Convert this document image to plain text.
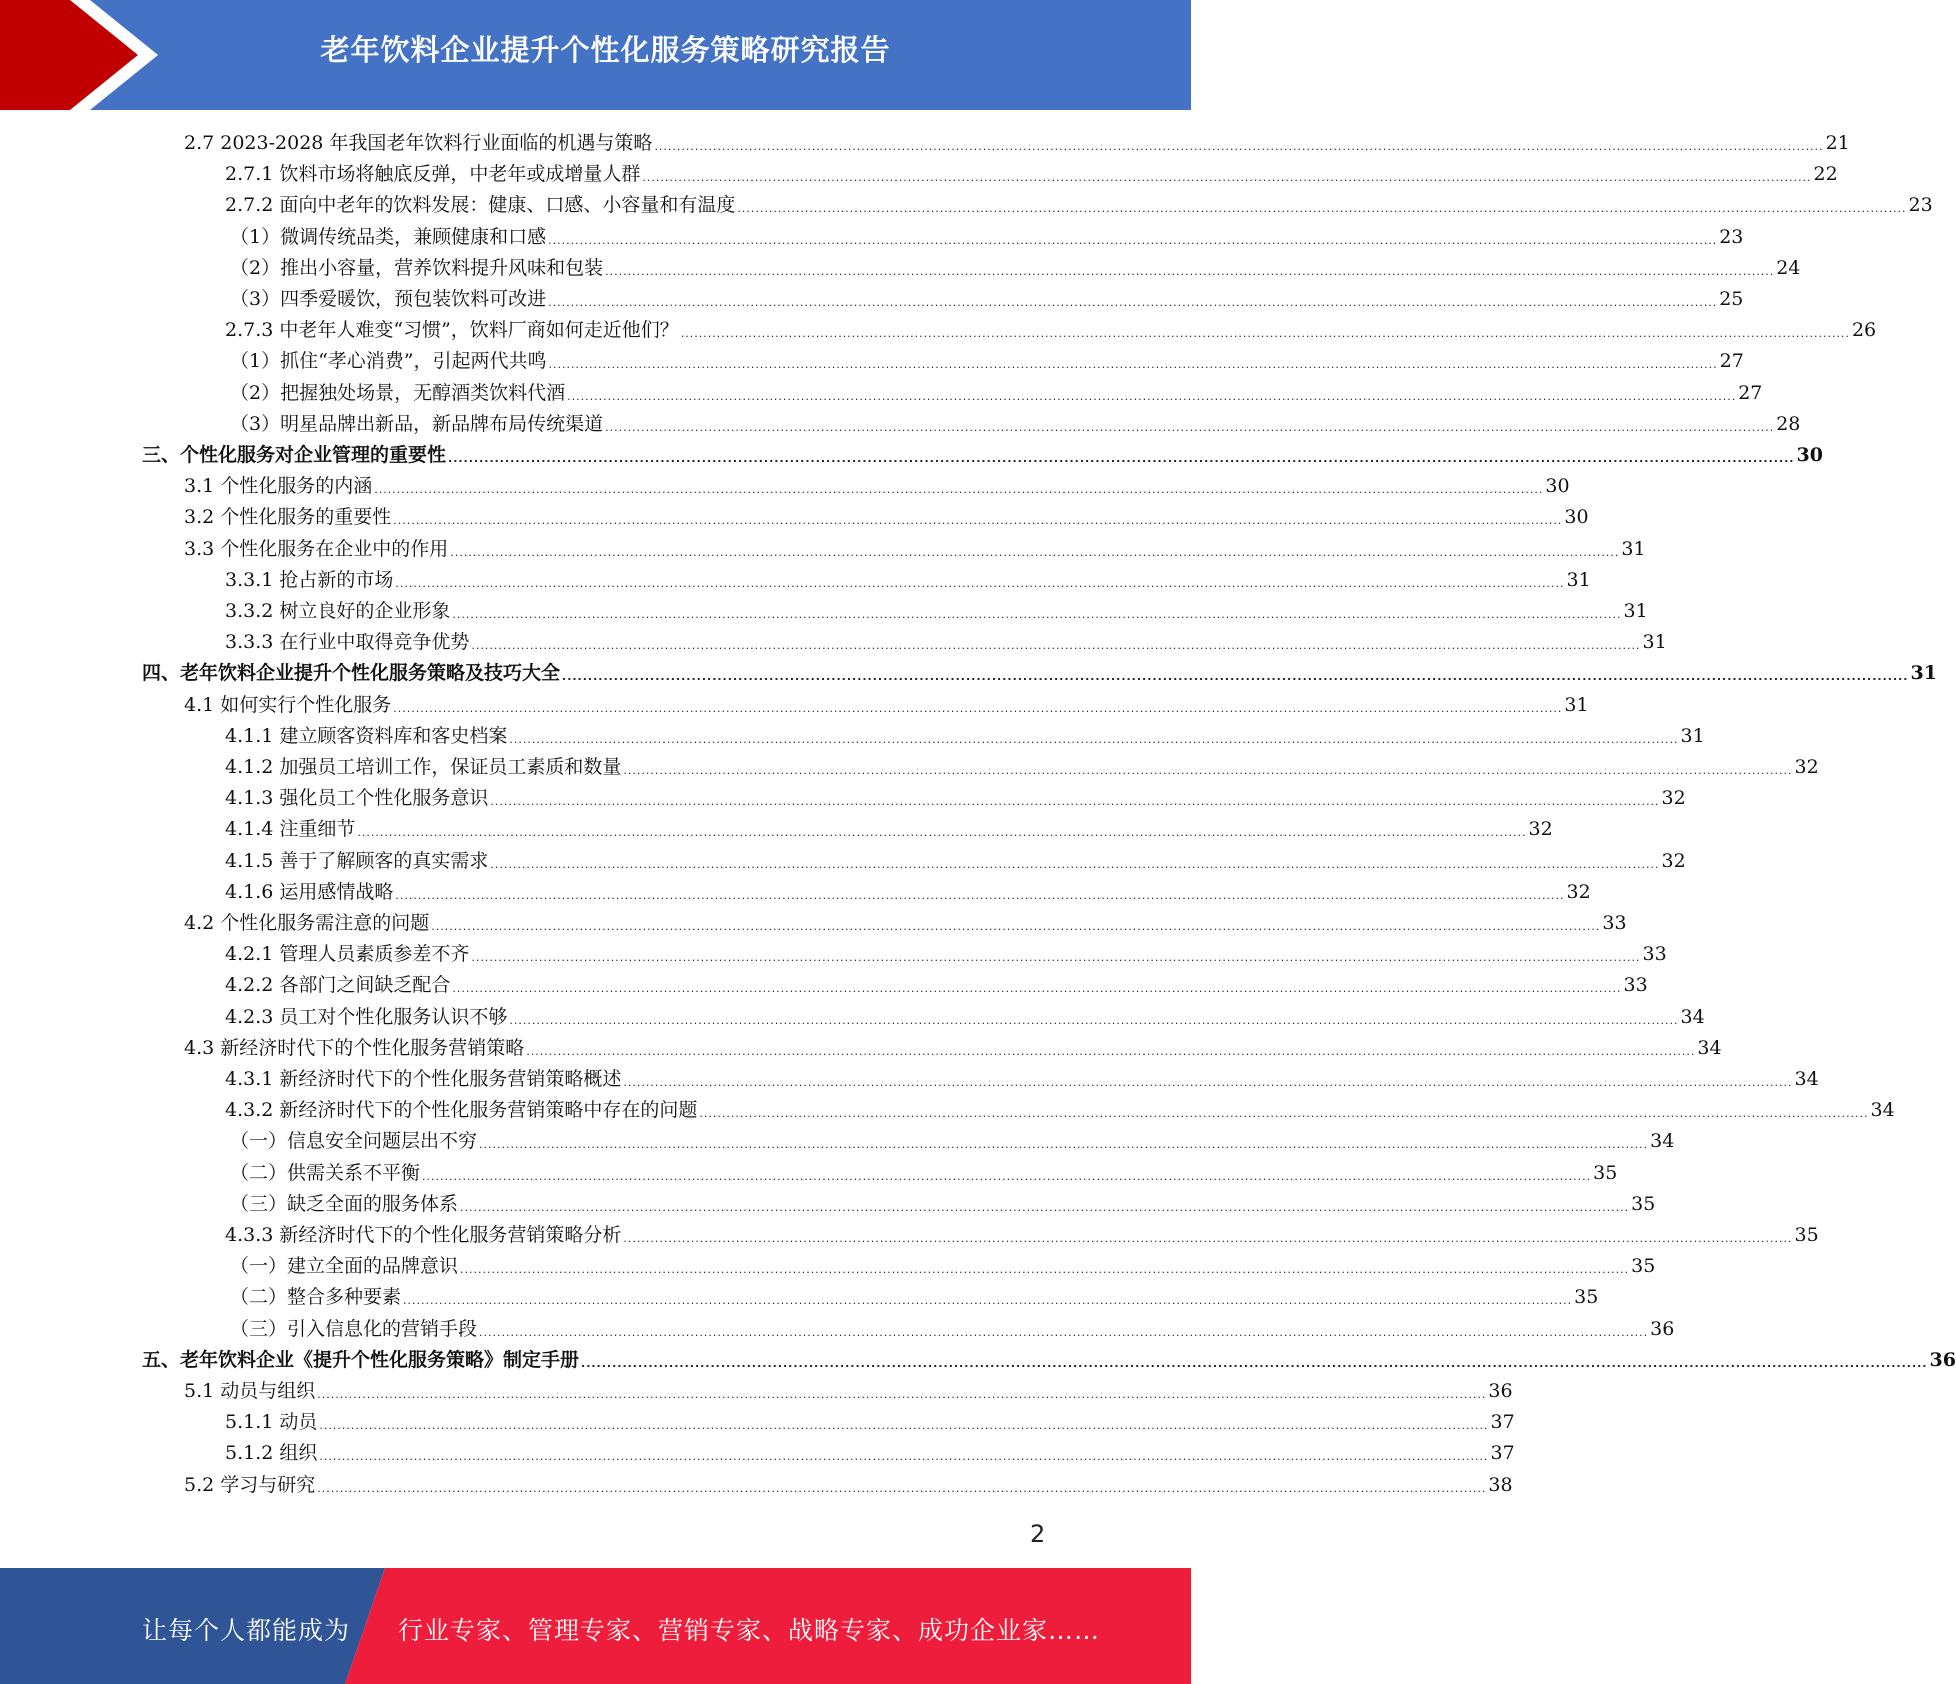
老年饮料企业提升个性化服务策略研究报告
2.7 2023-2028 年我国老年饮料行业面临的机遇与策略 .................................................................................................................................................................................................................................................................... 21
2.7.1 饮料市场将触底反弹，中老年或成增量人群 .................................................................................................................................................................................................................................................................... 22
2.7.2 面向中老年的饮料发展：健康、口感、小容量和有温度 .................................................................................................................................................................................................................................................................... 23
（1）微调传统品类，兼顾健康和口感 .................................................................................................................................................................................................................................................................... 23
（2）推出小容量，营养饮料提升风味和包装 .................................................................................................................................................................................................................................................................... 24
（3）四季爱暖饮，预包装饮料可改进 .................................................................................................................................................................................................................................................................... 25
2.7.3 中老年人难变“习惯”，饮料厂商如何走近他们？ .................................................................................................................................................................................................................................................................... 26
（1）抓住“孝心消费”，引起两代共鸣 .................................................................................................................................................................................................................................................................... 27
（2）把握独处场景，无醇酒类饮料代酒 .................................................................................................................................................................................................................................................................... 27
（3）明星品牌出新品，新品牌布局传统渠道 .................................................................................................................................................................................................................................................................... 28
三、个性化服务对企业管理的重要性 .................................................................................................................................................................................................................................................................... 30
3.1 个性化服务的内涵 .................................................................................................................................................................................................................................................................... 30
3.2 个性化服务的重要性 .................................................................................................................................................................................................................................................................... 30
3.3 个性化服务在企业中的作用 .................................................................................................................................................................................................................................................................... 31
3.3.1 抢占新的市场 .................................................................................................................................................................................................................................................................... 31
3.3.2 树立良好的企业形象 .................................................................................................................................................................................................................................................................... 31
3.3.3 在行业中取得竞争优势 .................................................................................................................................................................................................................................................................... 31
四、老年饮料企业提升个性化服务策略及技巧大全 .................................................................................................................................................................................................................................................................... 31
4.1 如何实行个性化服务 .................................................................................................................................................................................................................................................................... 31
4.1.1 建立顾客资料库和客史档案 .................................................................................................................................................................................................................................................................... 31
4.1.2 加强员工培训工作，保证员工素质和数量 .................................................................................................................................................................................................................................................................... 32
4.1.3 强化员工个性化服务意识 .................................................................................................................................................................................................................................................................... 32
4.1.4 注重细节 .................................................................................................................................................................................................................................................................... 32
4.1.5 善于了解顾客的真实需求 .................................................................................................................................................................................................................................................................... 32
4.1.6 运用感情战略 .................................................................................................................................................................................................................................................................... 32
4.2 个性化服务需注意的问题 .................................................................................................................................................................................................................................................................... 33
4.2.1 管理人员素质参差不齐 .................................................................................................................................................................................................................................................................... 33
4.2.2 各部门之间缺乏配合 .................................................................................................................................................................................................................................................................... 33
4.2.3 员工对个性化服务认识不够 .................................................................................................................................................................................................................................................................... 34
4.3 新经济时代下的个性化服务营销策略 .................................................................................................................................................................................................................................................................... 34
4.3.1 新经济时代下的个性化服务营销策略概述 .................................................................................................................................................................................................................................................................... 34
4.3.2 新经济时代下的个性化服务营销策略中存在的问题 .................................................................................................................................................................................................................................................................... 34
（一）信息安全问题层出不穷 .................................................................................................................................................................................................................................................................... 34
（二）供需关系不平衡 .................................................................................................................................................................................................................................................................... 35
（三）缺乏全面的服务体系 .................................................................................................................................................................................................................................................................... 35
4.3.3 新经济时代下的个性化服务营销策略分析 .................................................................................................................................................................................................................................................................... 35
（一）建立全面的品牌意识 .................................................................................................................................................................................................................................................................... 35
（二）整合多种要素 .................................................................................................................................................................................................................................................................... 35
（三）引入信息化的营销手段 .................................................................................................................................................................................................................................................................... 36
五、老年饮料企业《提升个性化服务策略》制定手册 .................................................................................................................................................................................................................................................................... 36
5.1 动员与组织 .................................................................................................................................................................................................................................................................... 36
5.1.1 动员 .................................................................................................................................................................................................................................................................... 37
5.1.2 组织 .................................................................................................................................................................................................................................................................... 37
5.2 学习与研究 .................................................................................................................................................................................................................................................................... 38
2
让每个人都能成为 行业专家、管理专家、营销专家、战略专家、成功企业家……
